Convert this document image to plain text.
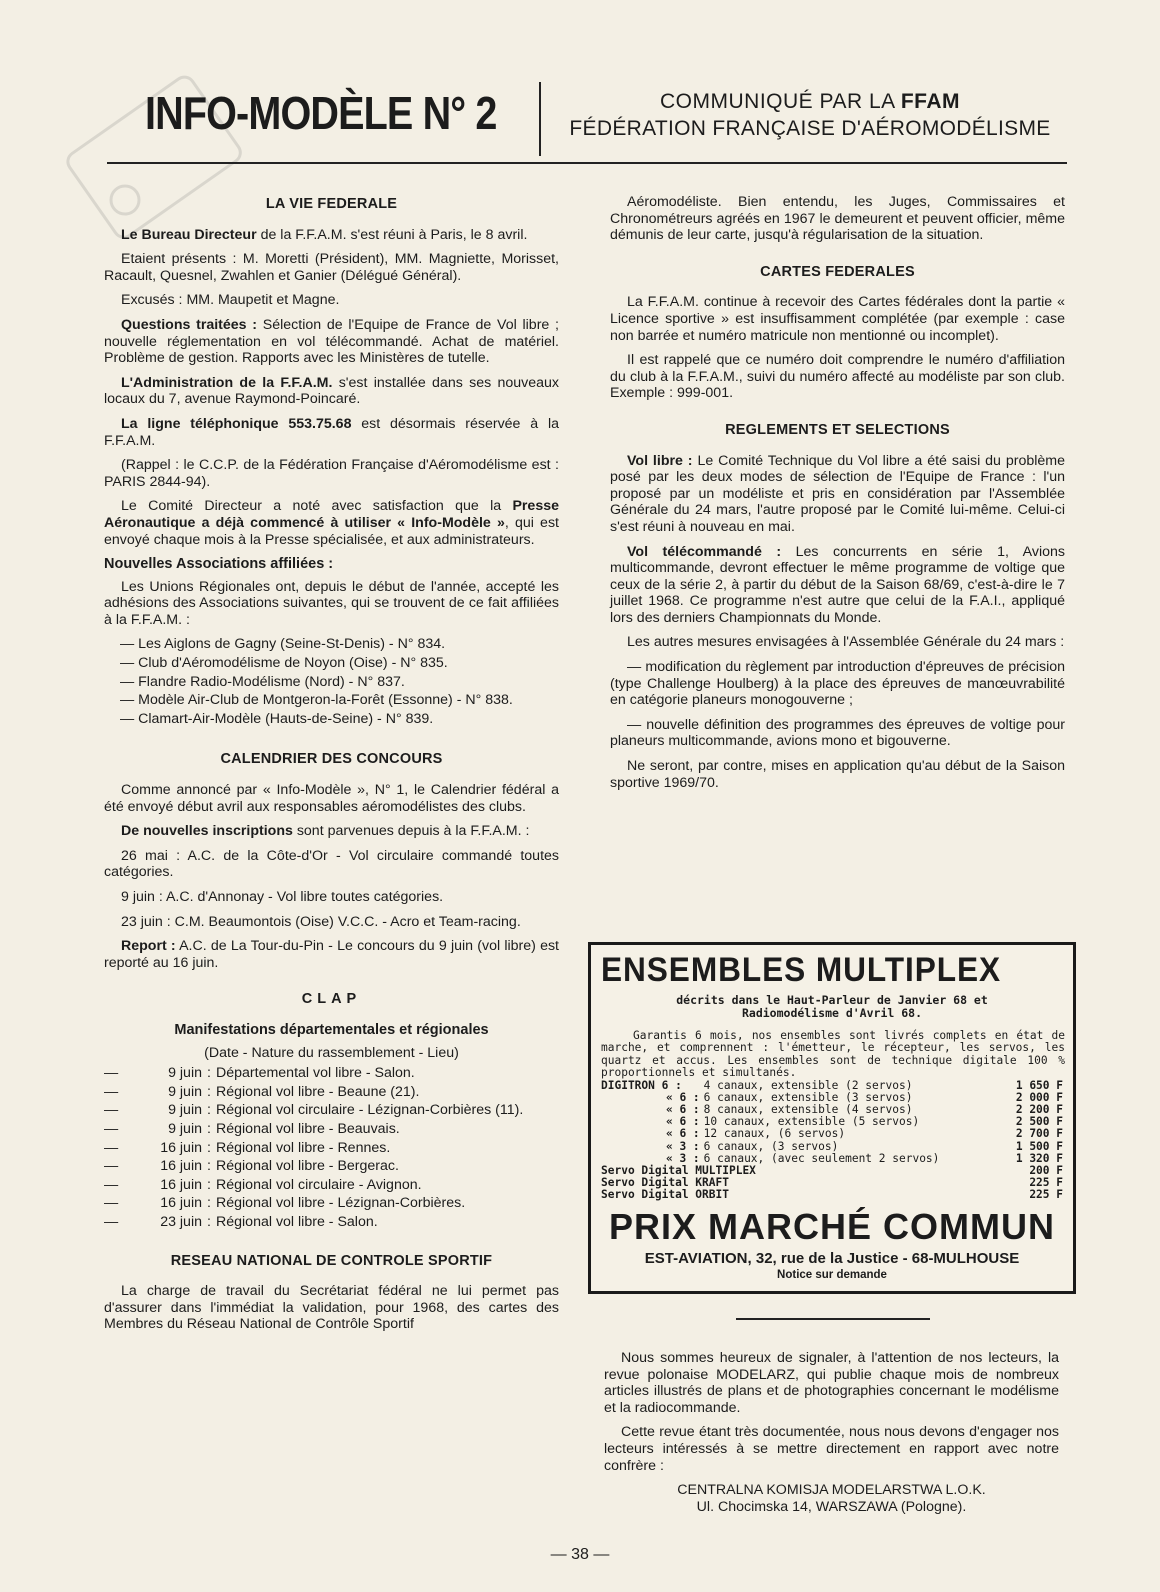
INFO-MODÈLE N° 2	COMMUNIQUÉ PAR LA FFAM
FÉDÉRATION FRANÇAISE D'AÉROMODÉLISME
LA VIE FEDERALE

Le Bureau Directeur de la F.F.A.M. s'est réuni à Paris, le 8 avril.

Etaient présents : M. Moretti (Président), MM. Magniette, Morisset, Racault, Quesnel, Zwahlen et Ganier (Délégué Général).

Excusés : MM. Maupetit et Magne.

Questions traitées : Sélection de l'Equipe de France de Vol libre ; nouvelle réglementation en vol télécommandé. Achat de matériel. Problème de gestion. Rapports avec les Ministères de tutelle.

L'Administration de la F.F.A.M. s'est installée dans ses nouveaux locaux du 7, avenue Raymond-Poincaré.

La ligne téléphonique 553.75.68 est désormais réservée à la F.F.A.M.

(Rappel : le C.C.P. de la Fédération Française d'Aéromodélisme est : PARIS 2844-94).

Le Comité Directeur a noté avec satisfaction que la Presse Aéronautique a déjà commencé à utiliser « Info-Modèle », qui est envoyé chaque mois à la Presse spécialisée, et aux administrateurs.

Nouvelles Associations affiliées :

Les Unions Régionales ont, depuis le début de l'année, accepté les adhésions des Associations suivantes, qui se trouvent de ce fait affiliées à la F.F.A.M. :

— Les Aiglons de Gagny (Seine-St-Denis) - N° 834.
— Club d'Aéromodélisme de Noyon (Oise) - N° 835.
— Flandre Radio-Modélisme (Nord) - N° 837.
— Modèle Air-Club de Montgeron-la-Forêt (Essonne) - N° 838.
— Clamart-Air-Modèle (Hauts-de-Seine) - N° 839.
CALENDRIER DES CONCOURS

Comme annoncé par « Info-Modèle », N° 1, le Calendrier fédéral a été envoyé début avril aux responsables aéromodélistes des clubs.

De nouvelles inscriptions sont parvenues depuis à la F.F.A.M. :

26 mai : A.C. de la Côte-d'Or - Vol circulaire commandé toutes catégories.

9 juin : A.C. d'Annonay - Vol libre toutes catégories.

23 juin : C.M. Beaumontois (Oise) V.C.C. - Acro et Team-racing.

Report : A.C. de La Tour-du-Pin - Le concours du 9 juin (vol libre) est reporté au 16 juin.

CLAP
Manifestations départementales et régionales

(Date - Nature du rassemblement - Lieu)

—	9 juin : Départemental vol libre - Salon.
—	9 juin : Régional vol libre - Beaune (21).
—	9 juin : Régional vol circulaire - Lézignan-Corbières (11).
—	9 juin : Régional vol libre - Beauvais.
—	16 juin : Régional vol libre - Rennes.
—	16 juin : Régional vol libre - Bergerac.
—	16 juin : Régional vol circulaire - Avignon.
—	16 juin : Régional vol libre - Lézignan-Corbières.
—	23 juin : Régional vol libre - Salon.
RESEAU NATIONAL DE CONTROLE SPORTIF

La charge de travail du Secrétariat fédéral ne lui permet pas d'assurer dans l'immédiat la validation, pour 1968, des cartes des Membres du Réseau National de Contrôle Sportif

Aéromodéliste. Bien entendu, les Juges, Commissaires et Chronométreurs agréés en 1967 le demeurent et peuvent officier, même démunis de leur carte, jusqu'à régularisation de la situation.

CARTES FEDERALES

La F.F.A.M. continue à recevoir des Cartes fédérales dont la partie « Licence sportive » est insuffisamment complétée (par exemple : case non barrée et numéro matricule non mentionné ou incomplet).

Il est rappelé que ce numéro doit comprendre le numéro d'affiliation du club à la F.F.A.M., suivi du numéro affecté au modéliste par son club. Exemple : 999-001.

REGLEMENTS ET SELECTIONS

Vol libre : Le Comité Technique du Vol libre a été saisi du problème posé par les deux modes de sélection de l'Equipe de France : l'un proposé par un modéliste et pris en considération par l'Assemblée Générale du 24 mars, l'autre proposé par le Comité lui-même. Celui-ci s'est réuni à nouveau en mai.

Vol télécommandé : Les concurrents en série 1, Avions multicommande, devront effectuer le même programme de voltige que ceux de la série 2, à partir du début de la Saison 68/69, c'est-à-dire le 7 juillet 1968. Ce programme n'est autre que celui de la F.A.I., appliqué lors des derniers Championnats du Monde.

Les autres mesures envisagées à l'Assemblée Générale du 24 mars :

— modification du règlement par introduction d'épreuves de précision (type Challenge Houlberg) à la place des épreuves de manœuvrabilité en catégorie planeurs monogouverne ;

— nouvelle définition des programmes des épreuves de voltige pour planeurs multicommande, avions mono et bigouverne.

Ne seront, par contre, mises en application qu'au début de la Saison sportive 1969/70.

ENSEMBLES MULTIPLEX
décrits dans le Haut-Parleur de Janvier 68 et
Radiomodélisme d'Avril 68.

Garantis 6 mois, nos ensembles sont livrés complets en état de marche, et comprennent : l'émetteur, le récepteur, les servos, les quartz et accus. Les ensembles sont de technique digitale 100 % proportionnels et simultanés.

DIGITRON 6 :	4 canaux, extensible (2 servos)	1 650 F
« 6 :	6 canaux, extensible (3 servos)	2 000 F
« 6 :	8 canaux, extensible (4 servos)	2 200 F
« 6 :	10 canaux, extensible (5 servos)	2 500 F
« 6 :	12 canaux, (6 servos)	2 700 F
« 3 :	6 canaux, (3 servos)	1 500 F
« 3 :	6 canaux, (avec seulement 2 servos)	1 320 F
Servo Digital MULTIPLEX		200 F
Servo Digital KRAFT		225 F
Servo Digital ORBIT		225 F
PRIX MARCHÉ COMMUN
EST-AVIATION, 32, rue de la Justice - 68-MULHOUSE
Notice sur demande

Nous sommes heureux de signaler, à l'attention de nos lecteurs, la revue polonaise MODELARZ, qui publie chaque mois de nombreux articles illustrés de plans et de photographies concernant le modélisme et la radiocommande.

Cette revue étant très documentée, nous nous devons d'engager nos lecteurs intéressés à se mettre directement en rapport avec notre confrère :

CENTRALNA KOMISJA MODELARSTWA L.O.K.

Ul. Chocimska 14, WARSZAWA (Pologne).

— 38 —
